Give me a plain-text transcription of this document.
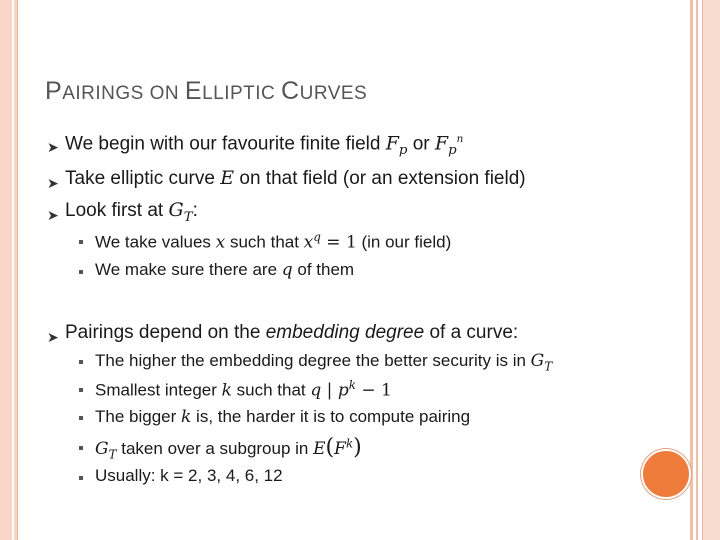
PAIRINGS ON ELLIPTIC CURVES
➤ We begin with our favourite finite field $F_p$ or $F_p^n$
➤ Take elliptic curve E on that field (or an extension field)
➤ Look first at $G_T$:
We take values x such that $x^q = 1$ (in our field)
We make sure there are q of them
➤ Pairings depend on the embedding degree of a curve:
The higher the embedding degree the better security is in $G_T$
Smallest integer k such that q | $p^k - 1$
The bigger k is, the harder it is to compute pairing
$G_T$ taken over a subgroup in $E(F^k)$
Usually: k = 2, 3, 4, 6, 12
